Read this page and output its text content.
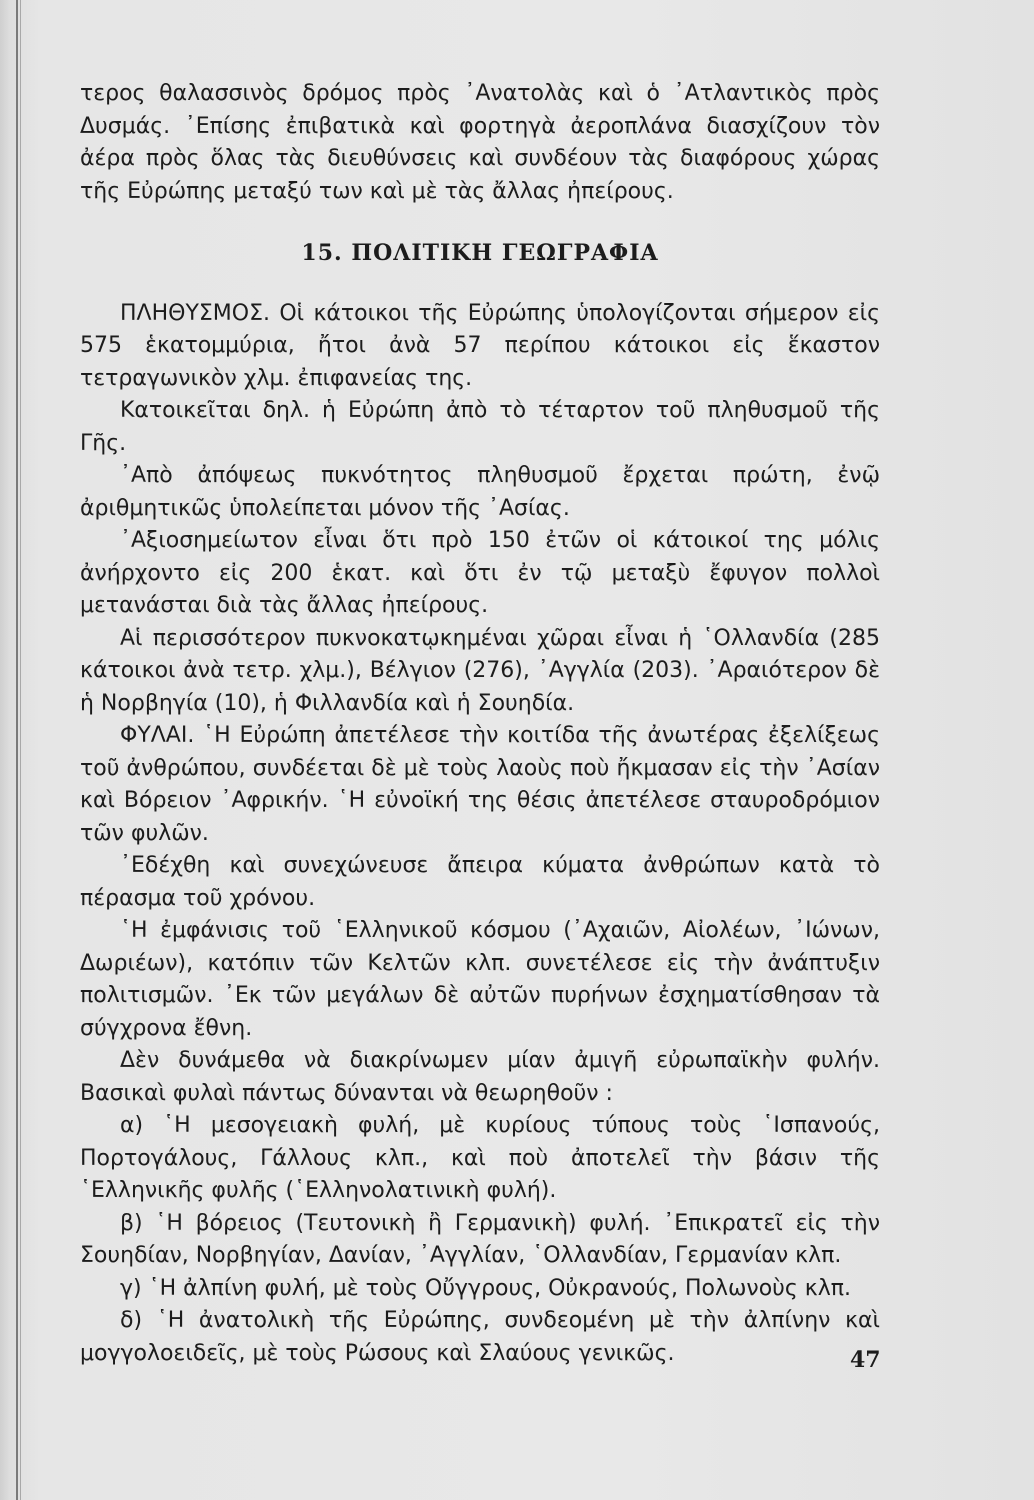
τερος θαλασσινὸς δρόμος πρὸς ᾿Ανατολὰς καὶ ὁ ᾿Ατλαντικὸς πρὸς Δυσμάς. ᾿Επίσης ἐπιβατικὰ καὶ φορτηγὰ ἀεροπλάνα διασχίζουν τὸν ἀέρα πρὸς ὅλας τὰς διευθύνσεις καὶ συνδέουν τὰς διαφόρους χώρας τῆς Εὐρώπης μεταξύ των καὶ μὲ τὰς ἄλλας ἠπείρους.

15. ΠΟΛΙΤΙΚΗ ΓΕΩΓΡΑΦΙΑ

ΠΛΗΘΥΣΜΟΣ. Οἱ κάτοικοι τῆς Εὐρώπης ὑπολογίζονται σήμερον εἰς 575 ἑκατομμύρια, ἤτοι ἀνὰ 57 περίπου κάτοικοι εἰς ἕκαστον τετραγωνικὸν χλμ. ἐπιφανείας της.

Κατοικεῖται δηλ. ἡ Εὐρώπη ἀπὸ τὸ τέταρτον τοῦ πληθυσμοῦ τῆς Γῆς.

᾿Απὸ ἀπόψεως πυκνότητος πληθυσμοῦ ἔρχεται πρώτη, ἐνῷ ἀριθμητικῶς ὑπολείπεται μόνον τῆς ᾿Ασίας.

᾿Αξιοσημείωτον εἶναι ὅτι πρὸ 150 ἐτῶν οἱ κάτοικοί της μόλις ἀνήρχοντο εἰς 200 ἑκατ. καὶ ὅτι ἐν τῷ μεταξὺ ἔφυγον πολλοὶ μετανάσται διὰ τὰς ἄλλας ἠπείρους.

Αἱ περισσότερον πυκνοκατῳκημέναι χῶραι εἶναι ἡ ῾Ολλανδία (285 κάτοικοι ἀνὰ τετρ. χλμ.), Βέλγιον (276), ᾿Αγγλία (203). ᾿Αραιότερον δὲ ἡ Νορβηγία (10), ἡ Φιλλανδία καὶ ἡ Σουηδία.

ΦΥΛΑΙ. ῾Η Εὐρώπη ἀπετέλεσε τὴν κοιτίδα τῆς ἀνωτέρας ἐξελίξεως τοῦ ἀνθρώπου, συνδέεται δὲ μὲ τοὺς λαοὺς ποὺ ἤκμασαν εἰς τὴν ᾿Ασίαν καὶ Βόρειον ᾿Αφρικήν. ῾Η εὐνοϊκή της θέσις ἀπετέλεσε σταυροδρόμιον τῶν φυλῶν.

᾿Εδέχθη καὶ συνεχώνευσε ἄπειρα κύματα ἀνθρώπων κατὰ τὸ πέρασμα τοῦ χρόνου.

῾Η ἐμφάνισις τοῦ ῾Ελληνικοῦ κόσμου (᾿Αχαιῶν, Αἰολέων, ᾿Ιώνων, Δωριέων), κατόπιν τῶν Κελτῶν κλπ. συνετέλεσε εἰς τὴν ἀνάπτυξιν πολιτισμῶν. ᾿Εκ τῶν μεγάλων δὲ αὐτῶν πυρήνων ἐσχηματίσθησαν τὰ σύγχρονα ἔθνη.

Δὲν δυνάμεθα νὰ διακρίνωμεν μίαν ἀμιγῆ εὐρωπαϊκὴν φυλήν. Βασικαὶ φυλαὶ πάντως δύνανται νὰ θεωρηθοῦν :

α) ῾Η μεσογειακὴ φυλή, μὲ κυρίους τύπους τοὺς ῾Ισπανούς, Πορτογάλους, Γάλλους κλπ., καὶ ποὺ ἀποτελεῖ τὴν βάσιν τῆς ῾Ελληνικῆς φυλῆς (῾Ελληνολατινικὴ φυλή).

β) ῾Η βόρειος (Τευτονικὴ ἢ Γερμανικὴ) φυλή. ᾿Επικρατεῖ εἰς τὴν Σουηδίαν, Νορβηγίαν, Δανίαν, ᾿Αγγλίαν, ῾Ολλανδίαν, Γερμανίαν κλπ.

γ) ῾Η ἀλπίνη φυλή, μὲ τοὺς Οὔγγρους, Οὐκρανούς, Πολωνοὺς κλπ.

δ) ῾Η ἀνατολικὴ τῆς Εὐρώπης, συνδεομένη μὲ τὴν ἀλπίνην καὶ μογγολοειδεῖς, μὲ τοὺς Ρώσους καὶ Σλαύους γενικῶς.	47
